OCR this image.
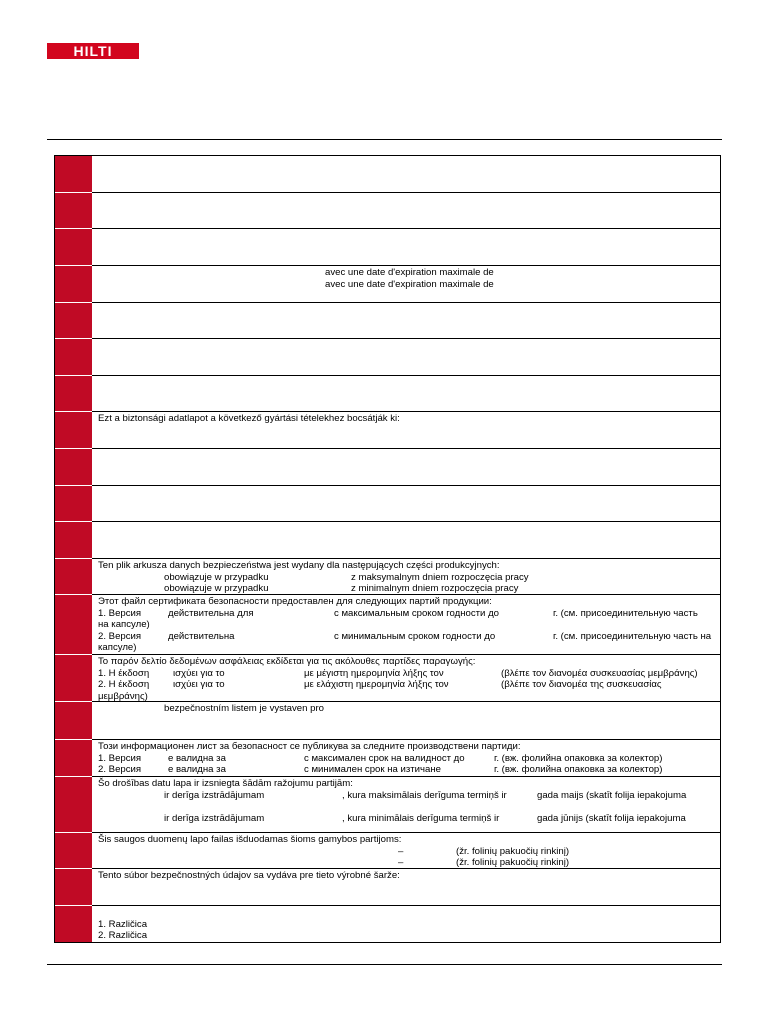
HILTI
avec une date d'expiration maximale de
avec une date d'expiration maximale de
Ezt a biztonsági adatlapot a következő gyártási tételekhez bocsátják ki:
Ten plik arkusza danych bezpieczeństwa jest wydany dla następujących części produkcyjnych:
obowiązuje w przypadku	z maksymalnym dniem rozpoczęcia pracy
obowiązuje w przypadku	z minimalnym dniem rozpoczęcia pracy
Этот файл сертификата безопасности предоставлен для следующих партий продукции:
1. Версия	действительна для	с максимальным сроком годности до	г. (см. присоединительную часть
на капсуле)
2. Версия	действительна	с минимальным сроком годности до	г. (см. присоединительную часть на
капсуле)
Το παρόν δελτίο δεδομένων ασφάλειας εκδίδεται για τις ακόλουθες παρτίδες παραγωγής:
1. Η έκδοση ισχύει για το	με μέγιστη ημερομηνία λήξης τον	(βλέπε τον διανομέα συσκευασίας μεμβράνης)
2. Η έκδοση ισχύει για το	με ελάχιστη ημερομηνία λήξης τον	(βλέπε τον διανομέα της συσκευασίας
μεμβράνης)
bezpečnostním listem je vystaven pro
Този информационен лист за безопасност се публикува за следните производствени партиди:
1. Версия	е валидна за	с максимален срок на валидност до	г. (вж. фолийна опаковка за колектор)
2. Версия	е валидна за	с минимален срок на изтичане	г. (вж. фолийна опаковка за колектор)
Šo drošības datu lapa ir izsniegta šādām ražojumu partijām:
ir derīga izstrādājumam	, kura maksimālais derīguma termiņš ir	gada maijs (skatīt folija iepakojuma
ir derīga izstrādājumam	, kura minimālais derīguma termiņš ir	gada jūnijs (skatīt folija iepakojuma
Šis saugos duomenų lapo failas išduodamas šioms gamybos partijoms:
–	(žr. folinių pakuočių rinkinį)
–	(žr. folinių pakuočių rinkinį)
Tento súbor bezpečnostných údajov sa vydáva pre tieto výrobné šarže:
1. Različica
2. Različica
